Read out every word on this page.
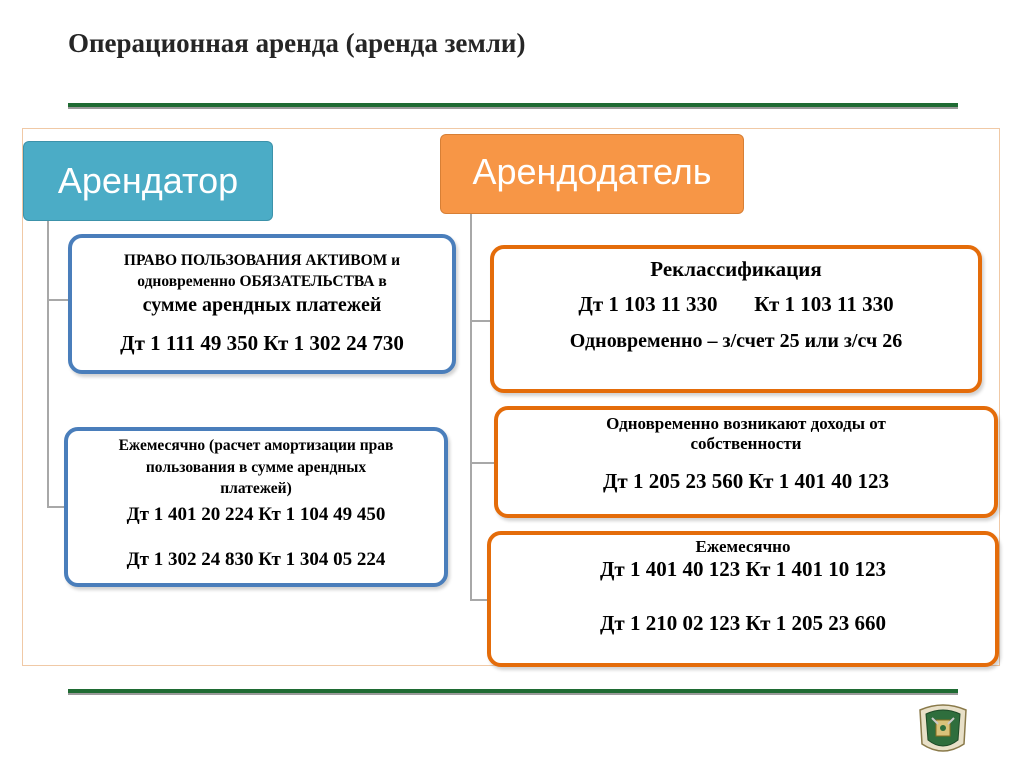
Операционная аренда (аренда земли)
Арендатор	Арендодатель
ПРАВО ПОЛЬЗОВАНИЯ АКТИВОМ и
одновременно ОБЯЗАТЕЛЬСТВА в
сумме арендных платежей
Дт 1 111 49 350 Кт 1 302 24 730
Ежемесячно (расчет амортизации прав
пользования в сумме арендных
платежей)
Дт 1 401 20 224 Кт 1 104 49 450
Дт 1 302 24 830 Кт 1 304 05 224
Реклассификация
Дт 1 103 11 330       Кт 1 103 11 330
Одновременно – з/счет 25 или з/сч 26
Одновременно возникают доходы от
собственности
Дт 1 205 23 560 Кт 1 401 40 123
Ежемесячно
Дт 1 401 40 123 Кт 1 401 10 123
Дт 1 210 02 123 Кт 1 205 23 660
